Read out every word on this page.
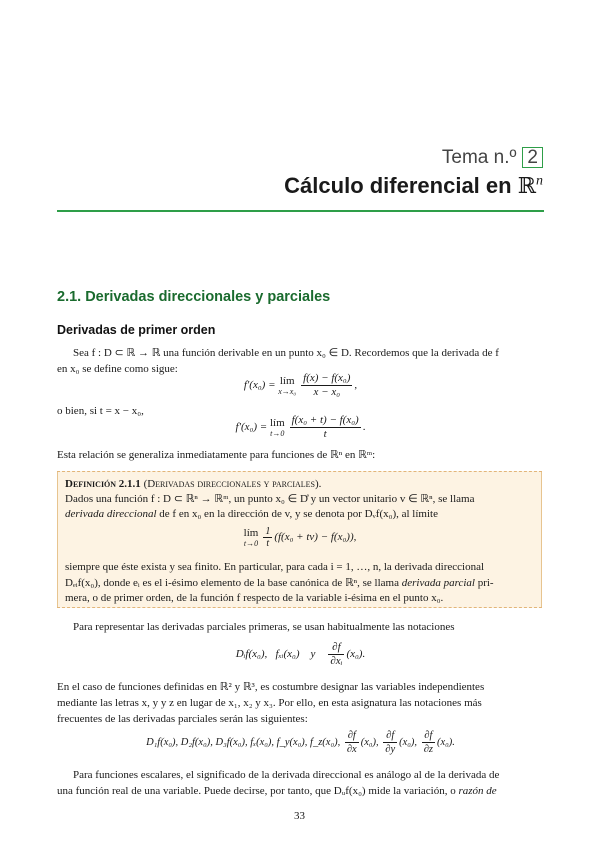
Tema n.º 2
Cálculo diferencial en ℝ$^n$
2.1. Derivadas direccionales y parciales
Derivadas de primer orden
Sea f : D ⊂ ℝ → ℝ una función derivable en un punto x₀ ∈ D. Recordemos que la derivada de f
en x₀ se define como sigue:
f′(x₀) = lím
$x\to x_0 \frac{\text{f(x) − f(x₀)}}{\text{x − x₀}}$ ,
o bien, si t = x − x₀,
f′(x₀) = lím
$t\to 0 \frac{\text{f(x₀ + t) − f(x₀)}}{t}$ .
Esta relación se generaliza inmediatamente para funciones de ℝⁿ en ℝᵐ:
Definición 2.1.1 (Derivadas direccionales y parciales).
Dados una función f : D ⊂ ℝⁿ → ℝᵐ, un punto x₀ ∈ D̊ y un vector unitario v ∈ ℝⁿ, se llama
derivada direccional de f en x₀ en la dirección de v, y se denota por Dᵥf(x₀), al límite
lím
$t\to 0 \frac{1}{t} (f(x_0 + tv) - f(x_0))$,
siempre que éste exista y sea finito. En particular, para cada i = 1, …, n, la derivada direccional
Dₑᵢf(x₀), donde eᵢ es el i-ésimo elemento de la base canónica de ℝⁿ, se llama derivada parcial pri-
mera, o de primer orden, de la función f respecto de la variable i-ésima en el punto x₀.
Para representar las derivadas parciales primeras, se usan habitualmente las notaciones
Dᵢf(x₀),   fₓᵢ(x₀)    y $\frac{\partial f}{\text{∂xᵢ}} (x_0)$.
En el caso de funciones definidas en ℝ² y ℝ³, es costumbre designar las variables independientes
mediante las letras x, y y z en lugar de x₁, x₂ y x₃. Por ello, en esta asignatura las notaciones más
frecuentes de las derivadas parciales serán las siguientes:
D₁f(x₀), D₂f(x₀), D₃f(x₀), fₓ(x₀), f_y(x₀), f_z(x₀), $\frac{\partial f}{\partial x} (x_0)$, $\frac{\partial f}{\partial y} (x_0)$, $\frac{\partial f}{\partial z} (x_0)$.
Para funciones escalares, el significado de la derivada direccional es análogo al de la derivada de
una función real de una variable. Puede decirse, por tanto, que Dᵤf(x₀) mide la variación, o razón de
33
